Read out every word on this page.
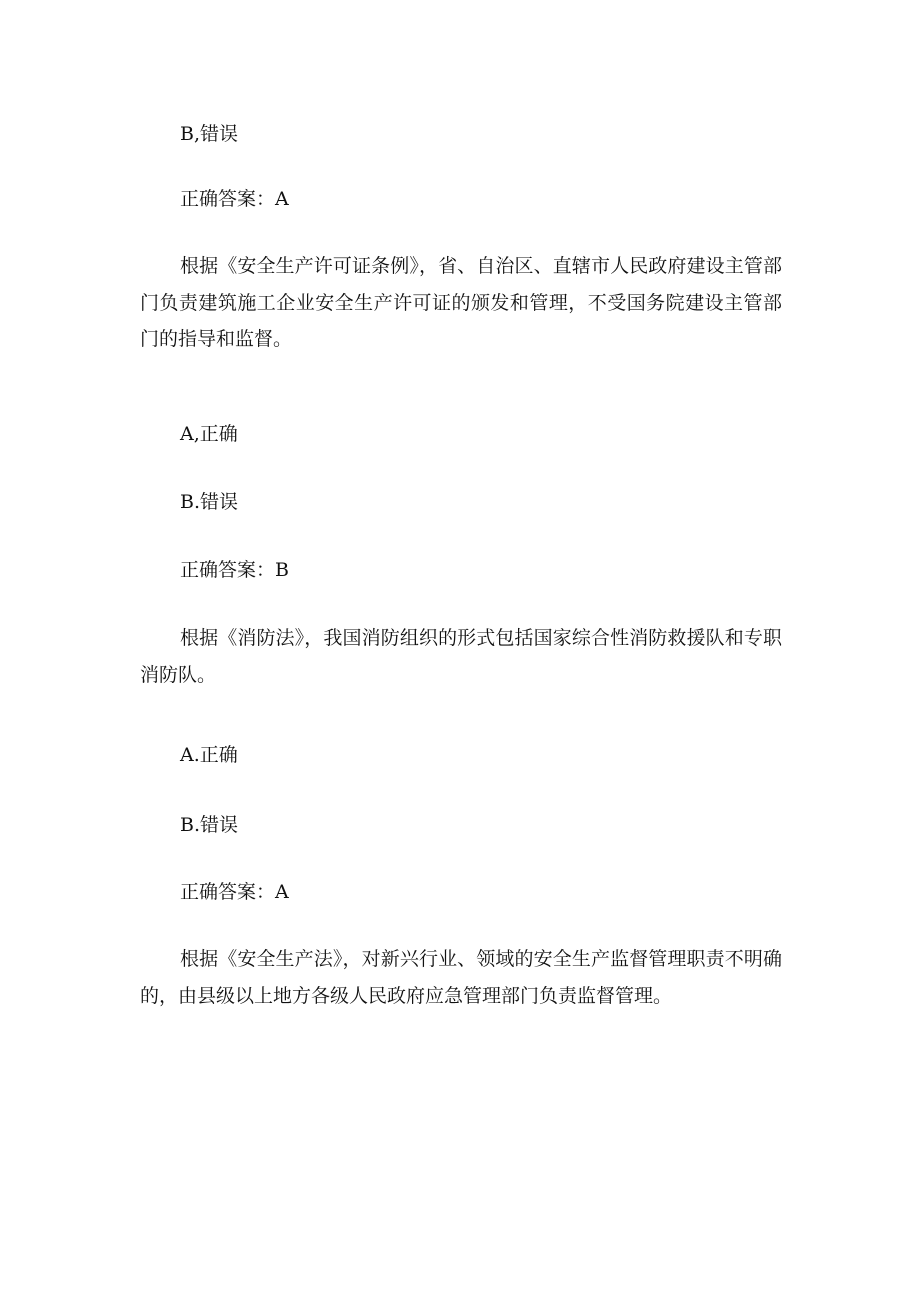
B,错误
正确答案：A
根据《安全生产许可证条例》，省、自治区、直辖市人民政府建设主管部门负责建筑施工企业安全生产许可证的颁发和管理，不受国务院建设主管部门的指导和监督。
A,正确
B.错误
正确答案：B
根据《消防法》，我国消防组织的形式包括国家综合性消防救援队和专职消防队。
A.正确
B.错误
正确答案：A
根据《安全生产法》，对新兴行业、领域的安全生产监督管理职责不明确的，由县级以上地方各级人民政府应急管理部门负责监督管理。
